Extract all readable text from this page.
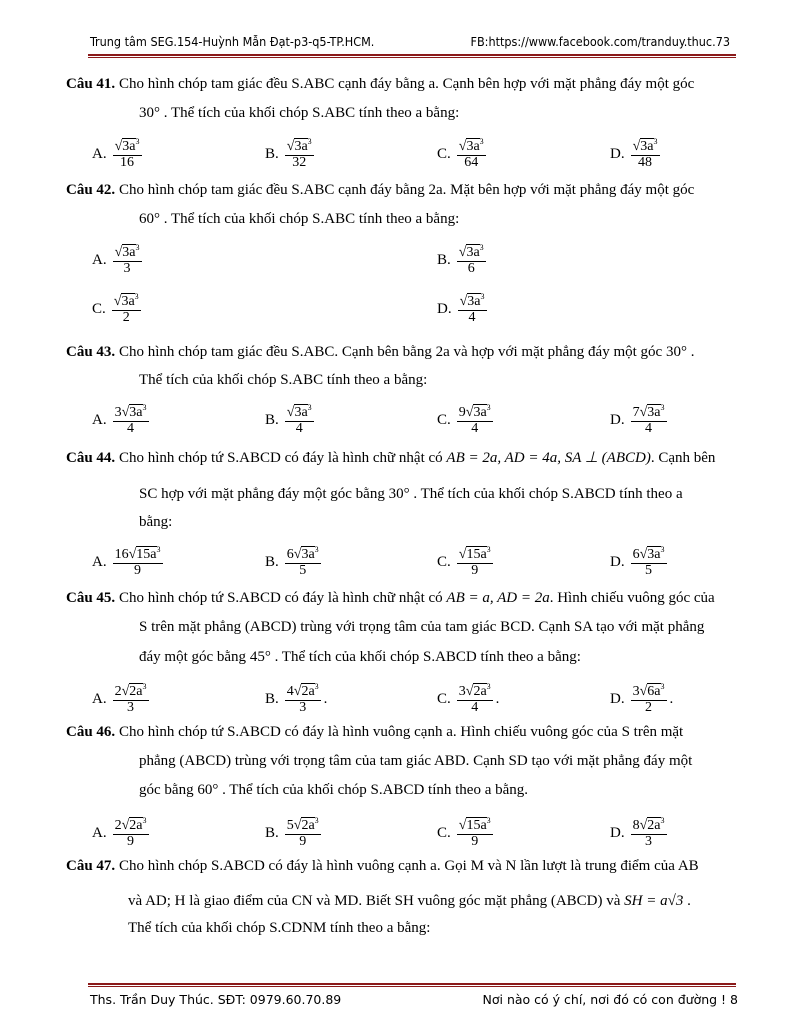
Trung tâm SEG.154-Huỳnh Mẫn Đạt-p3-q5-TP.HCM.	FB:https://www.facebook.com/tranduy.thuc.73
Câu 41. Cho hình chóp tam giác đều S.ABC cạnh đáy bằng a. Cạnh bên hợp với mặt phẳng đáy một góc
30° . Thể tích của khối chóp S.ABC tính theo a bằng:
A. $\frac{√3a^3}{16}$	B. $\frac{√3a^3}{32}$	C. $\frac{√3a^3}{64}$	D. $\frac{√3a^3}{48}$
Câu 42. Cho hình chóp tam giác đều S.ABC cạnh đáy bằng 2a. Mặt bên hợp với mặt phẳng đáy một góc
60° . Thể tích của khối chóp S.ABC tính theo a bằng:
A. $\frac{√3a^3}{3}$	B. $\frac{√3a^3}{6}$
C. $\frac{√3a^3}{2}$	D. $\frac{√3a^3}{4}$
Câu 43. Cho hình chóp tam giác đều S.ABC. Cạnh bên bằng 2a và hợp với mặt phẳng đáy một góc 30° .
Thể tích của khối chóp S.ABC tính theo a bằng:
A. $\frac{3√3a^3}{4}$	B. $\frac{√3a^3}{4}$	C. $\frac{9√3a^3}{4}$	D. $\frac{7√3a^3}{4}$
Câu 44. Cho hình chóp tứ S.ABCD có đáy là hình chữ nhật có AB = 2a, AD = 4a, SA ⊥ (ABCD). Cạnh bên
SC hợp với mặt phẳng đáy một góc bằng 30° . Thể tích của khối chóp S.ABCD tính theo a
bằng:
A. $\frac{16√15a^3}{9}$	B. $\frac{6√3a^3}{5}$	C. $\frac{√15a^3}{9}$	D. $\frac{6√3a^3}{5}$
Câu 45. Cho hình chóp tứ S.ABCD có đáy là hình chữ nhật có AB = a, AD = 2a. Hình chiếu vuông góc của
S trên mặt phẳng (ABCD) trùng với trọng tâm của tam giác BCD. Cạnh SA tạo với mặt phẳng
đáy một góc bằng 45° . Thể tích của khối chóp S.ABCD tính theo a bằng:
A. $\frac{2√2a^3}{3}$	B. $\frac{4√2a^3}{3}$ .	C. $\frac{3√2a^3}{4}$ .	D. $\frac{3√6a^3}{2}$ .
Câu 46. Cho hình chóp tứ S.ABCD có đáy là hình vuông cạnh a. Hình chiếu vuông góc của S trên mặt
phẳng (ABCD) trùng với trọng tâm của tam giác ABD. Cạnh SD tạo với mặt phẳng đáy một
góc bằng 60° . Thể tích của khối chóp S.ABCD tính theo a bằng.
A. $\frac{2√2a^3}{9}$	B. $\frac{5√2a^3}{9}$	C. $\frac{√15a^3}{9}$	D. $\frac{8√2a^3}{3}$
Câu 47. Cho hình chóp S.ABCD có đáy là hình vuông cạnh a. Gọi M và N lần lượt là trung điểm của AB
và AD; H là giao điểm của CN và MD. Biết SH vuông góc mặt phẳng (ABCD) và SH = a√3 .
Thể tích của khối chóp S.CDNM tính theo a bằng:
Ths. Trần Duy Thúc. SĐT: 0979.60.70.89	Nơi nào có ý chí, nơi đó có con đường ! 8
